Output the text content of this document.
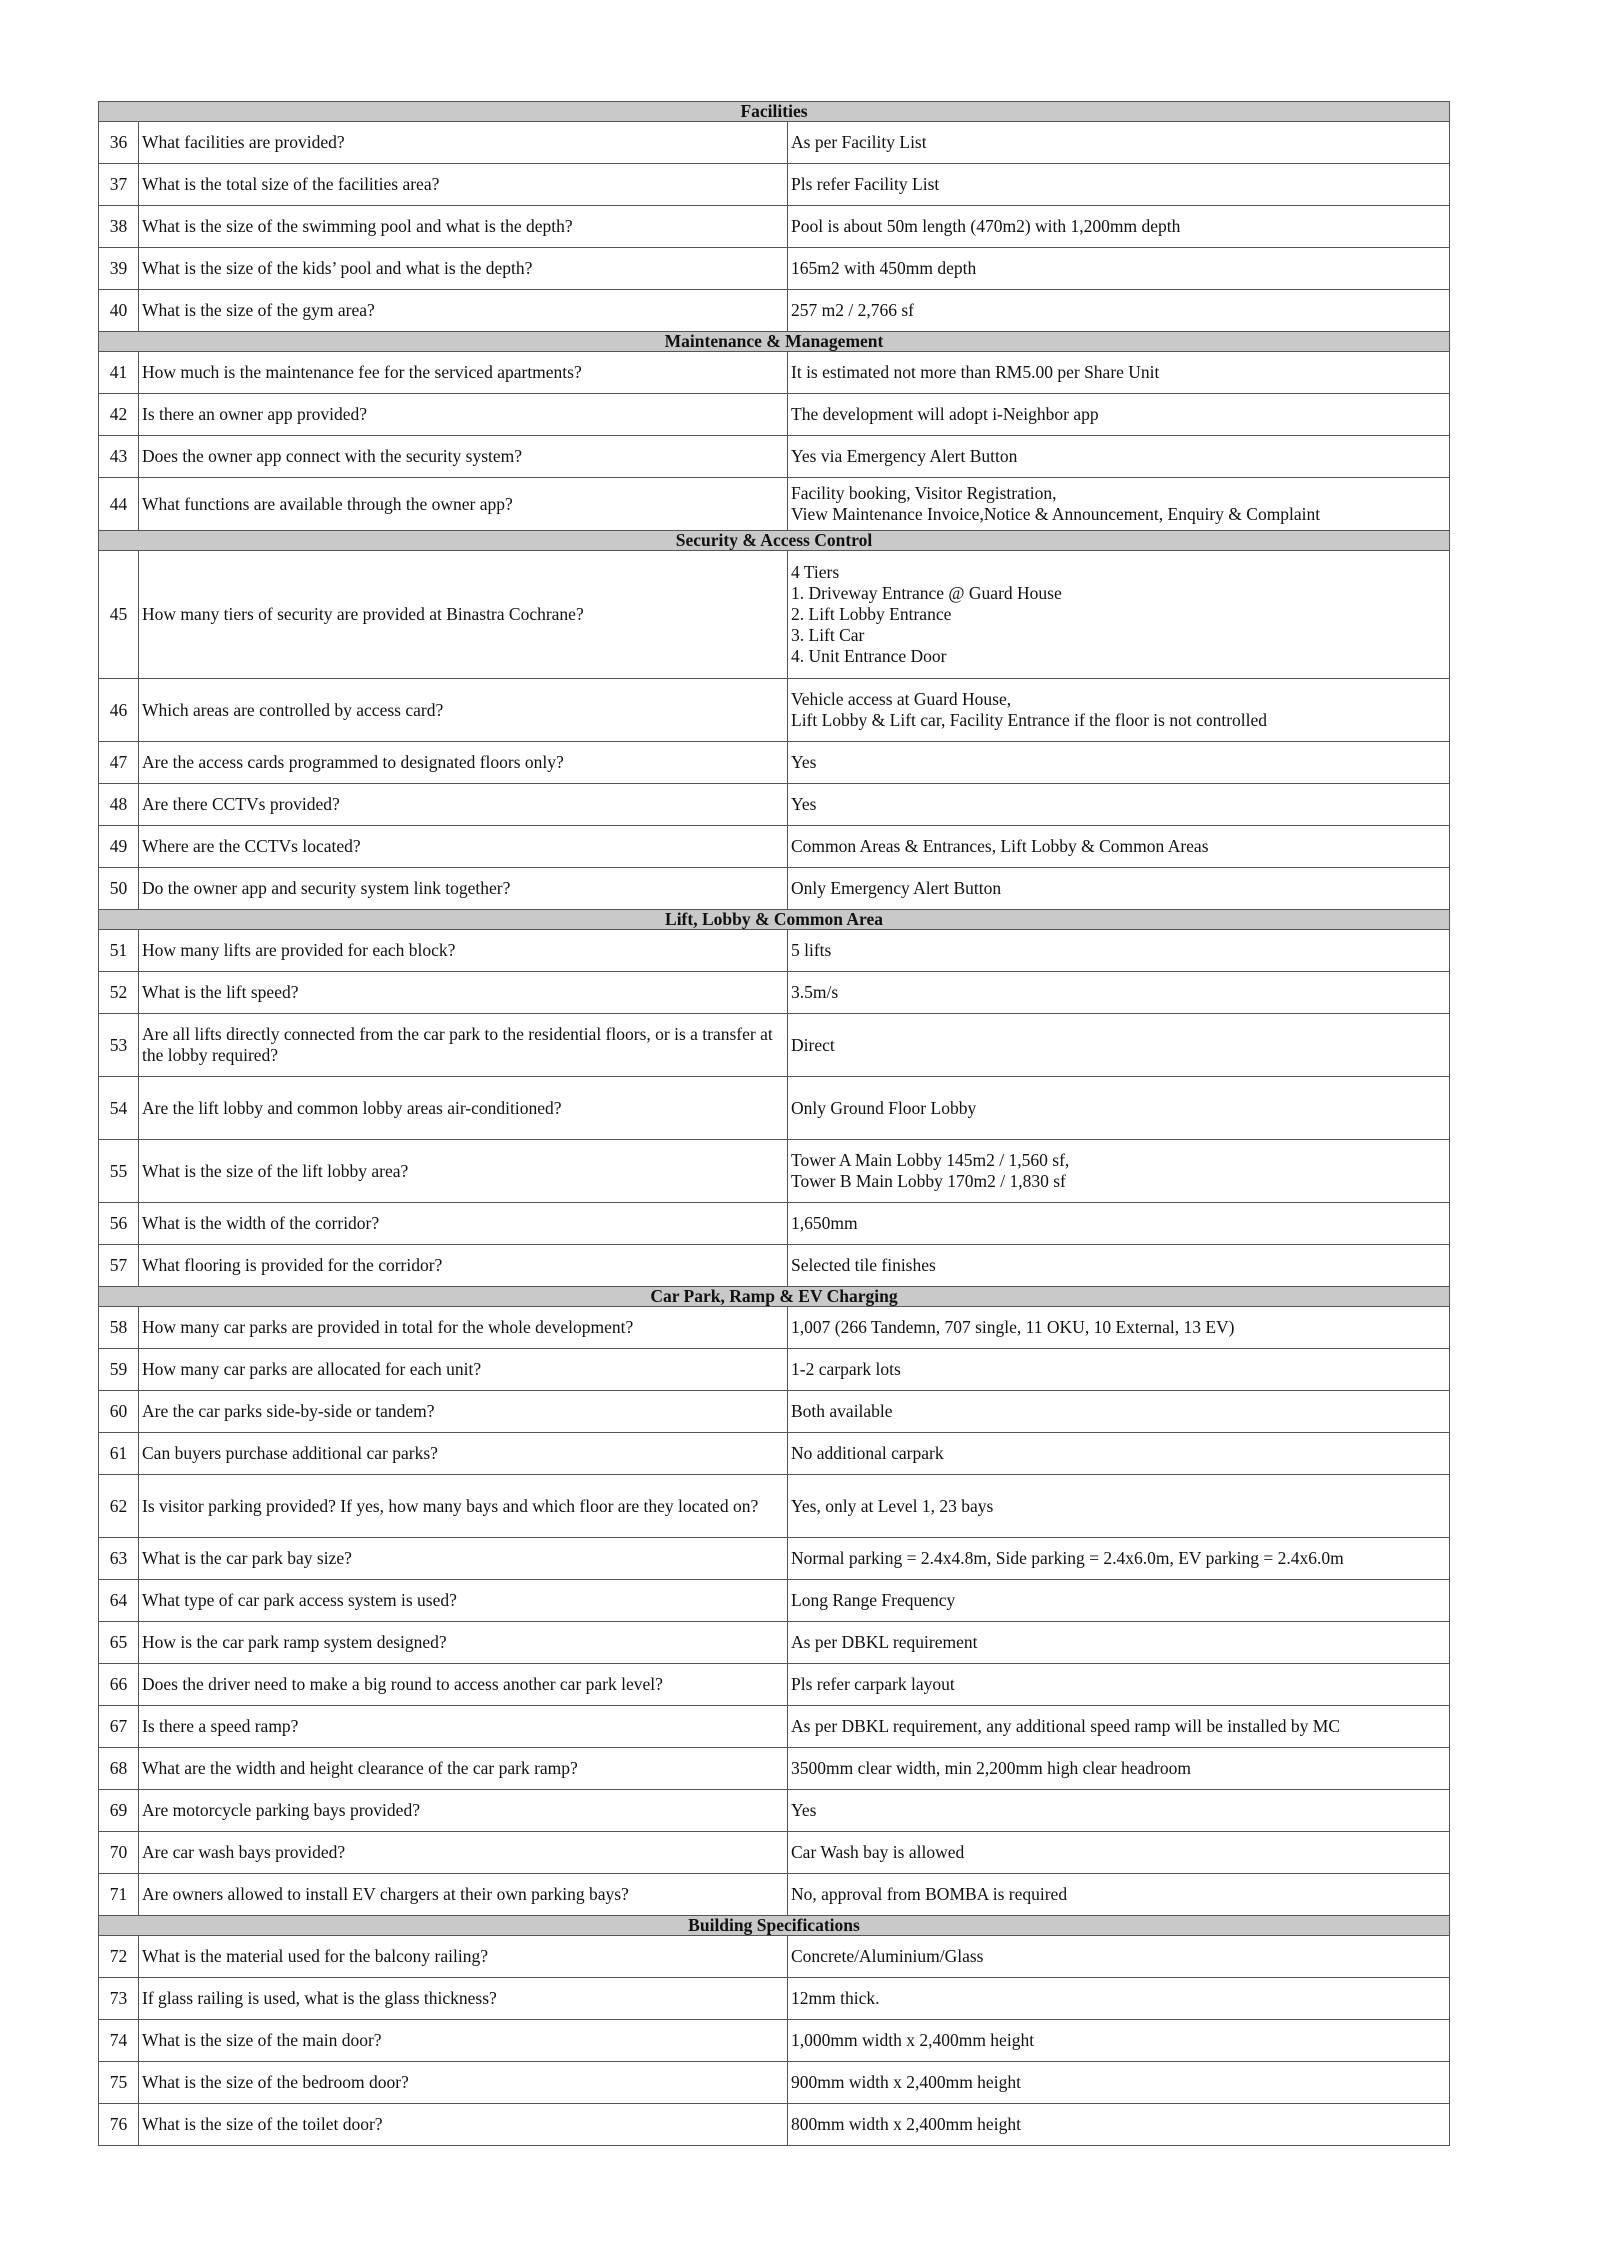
Facilities		
36	What facilities are provided?	As per Facility List
37	What is the total size of the facilities area?	Pls refer Facility List
38	What is the size of the swimming pool and what is the depth?	Pool is about 50m length (470m2) with 1,200mm depth
39	What is the size of the kids’ pool and what is the depth?	165m2 with 450mm depth
40	What is the size of the gym area?	257 m2 / 2,766 sf
Maintenance & Management		
41	How much is the maintenance fee for the serviced apartments?	It is estimated not more than RM5.00 per Share Unit
42	Is there an owner app provided?	The development will adopt i-Neighbor app
43	Does the owner app connect with the security system?	Yes via Emergency Alert Button
44	What functions are available through the owner app?	Facility booking, Visitor Registration,
View Maintenance Invoice,Notice & Announcement, Enquiry & Complaint
Security & Access Control		
45	How many tiers of security are provided at Binastra Cochrane?	4 Tiers
1. Driveway Entrance @ Guard House
2. Lift Lobby Entrance
3. Lift Car
4. Unit Entrance Door
46	Which areas are controlled by access card?	Vehicle access at Guard House,
Lift Lobby & Lift car, Facility Entrance if the floor is not controlled
47	Are the access cards programmed to designated floors only?	Yes
48	Are there CCTVs provided?	Yes
49	Where are the CCTVs located?	Common Areas & Entrances, Lift Lobby & Common Areas
50	Do the owner app and security system link together?	Only Emergency Alert Button
Lift, Lobby & Common Area		
51	How many lifts are provided for each block?	5 lifts
52	What is the lift speed?	3.5m/s
53	Are all lifts directly connected from the car park to the residential floors, or is a transfer at the lobby required?	Direct
54	Are the lift lobby and common lobby areas air-conditioned?	Only Ground Floor Lobby
55	What is the size of the lift lobby area?	Tower A Main Lobby 145m2 / 1,560 sf,
Tower B Main Lobby 170m2 / 1,830 sf
56	What is the width of the corridor?	1,650mm
57	What flooring is provided for the corridor?	Selected tile finishes
Car Park, Ramp & EV Charging		
58	How many car parks are provided in total for the whole development?	1,007 (266 Tandemn, 707 single, 11 OKU, 10 External, 13 EV)
59	How many car parks are allocated for each unit?	1-2 carpark lots
60	Are the car parks side-by-side or tandem?	Both available
61	Can buyers purchase additional car parks?	No additional carpark
62	Is visitor parking provided? If yes, how many bays and which floor are they located on?	Yes, only at Level 1, 23 bays
63	What is the car park bay size?	Normal parking = 2.4x4.8m, Side parking = 2.4x6.0m, EV parking = 2.4x6.0m
64	What type of car park access system is used?	Long Range Frequency
65	How is the car park ramp system designed?	As per DBKL requirement
66	Does the driver need to make a big round to access another car park level?	Pls refer carpark layout
67	Is there a speed ramp?	As per DBKL requirement, any additional speed ramp will be installed by MC
68	What are the width and height clearance of the car park ramp?	3500mm clear width, min 2,200mm high clear headroom
69	Are motorcycle parking bays provided?	Yes
70	Are car wash bays provided?	Car Wash bay is allowed
71	Are owners allowed to install EV chargers at their own parking bays?	No, approval from BOMBA is required
Building Specifications		
72	What is the material used for the balcony railing?	Concrete/Aluminium/Glass
73	If glass railing is used, what is the glass thickness?	12mm thick.
74	What is the size of the main door?	1,000mm width x 2,400mm height
75	What is the size of the bedroom door?	900mm width x 2,400mm height
76	What is the size of the toilet door?	800mm width x 2,400mm height
